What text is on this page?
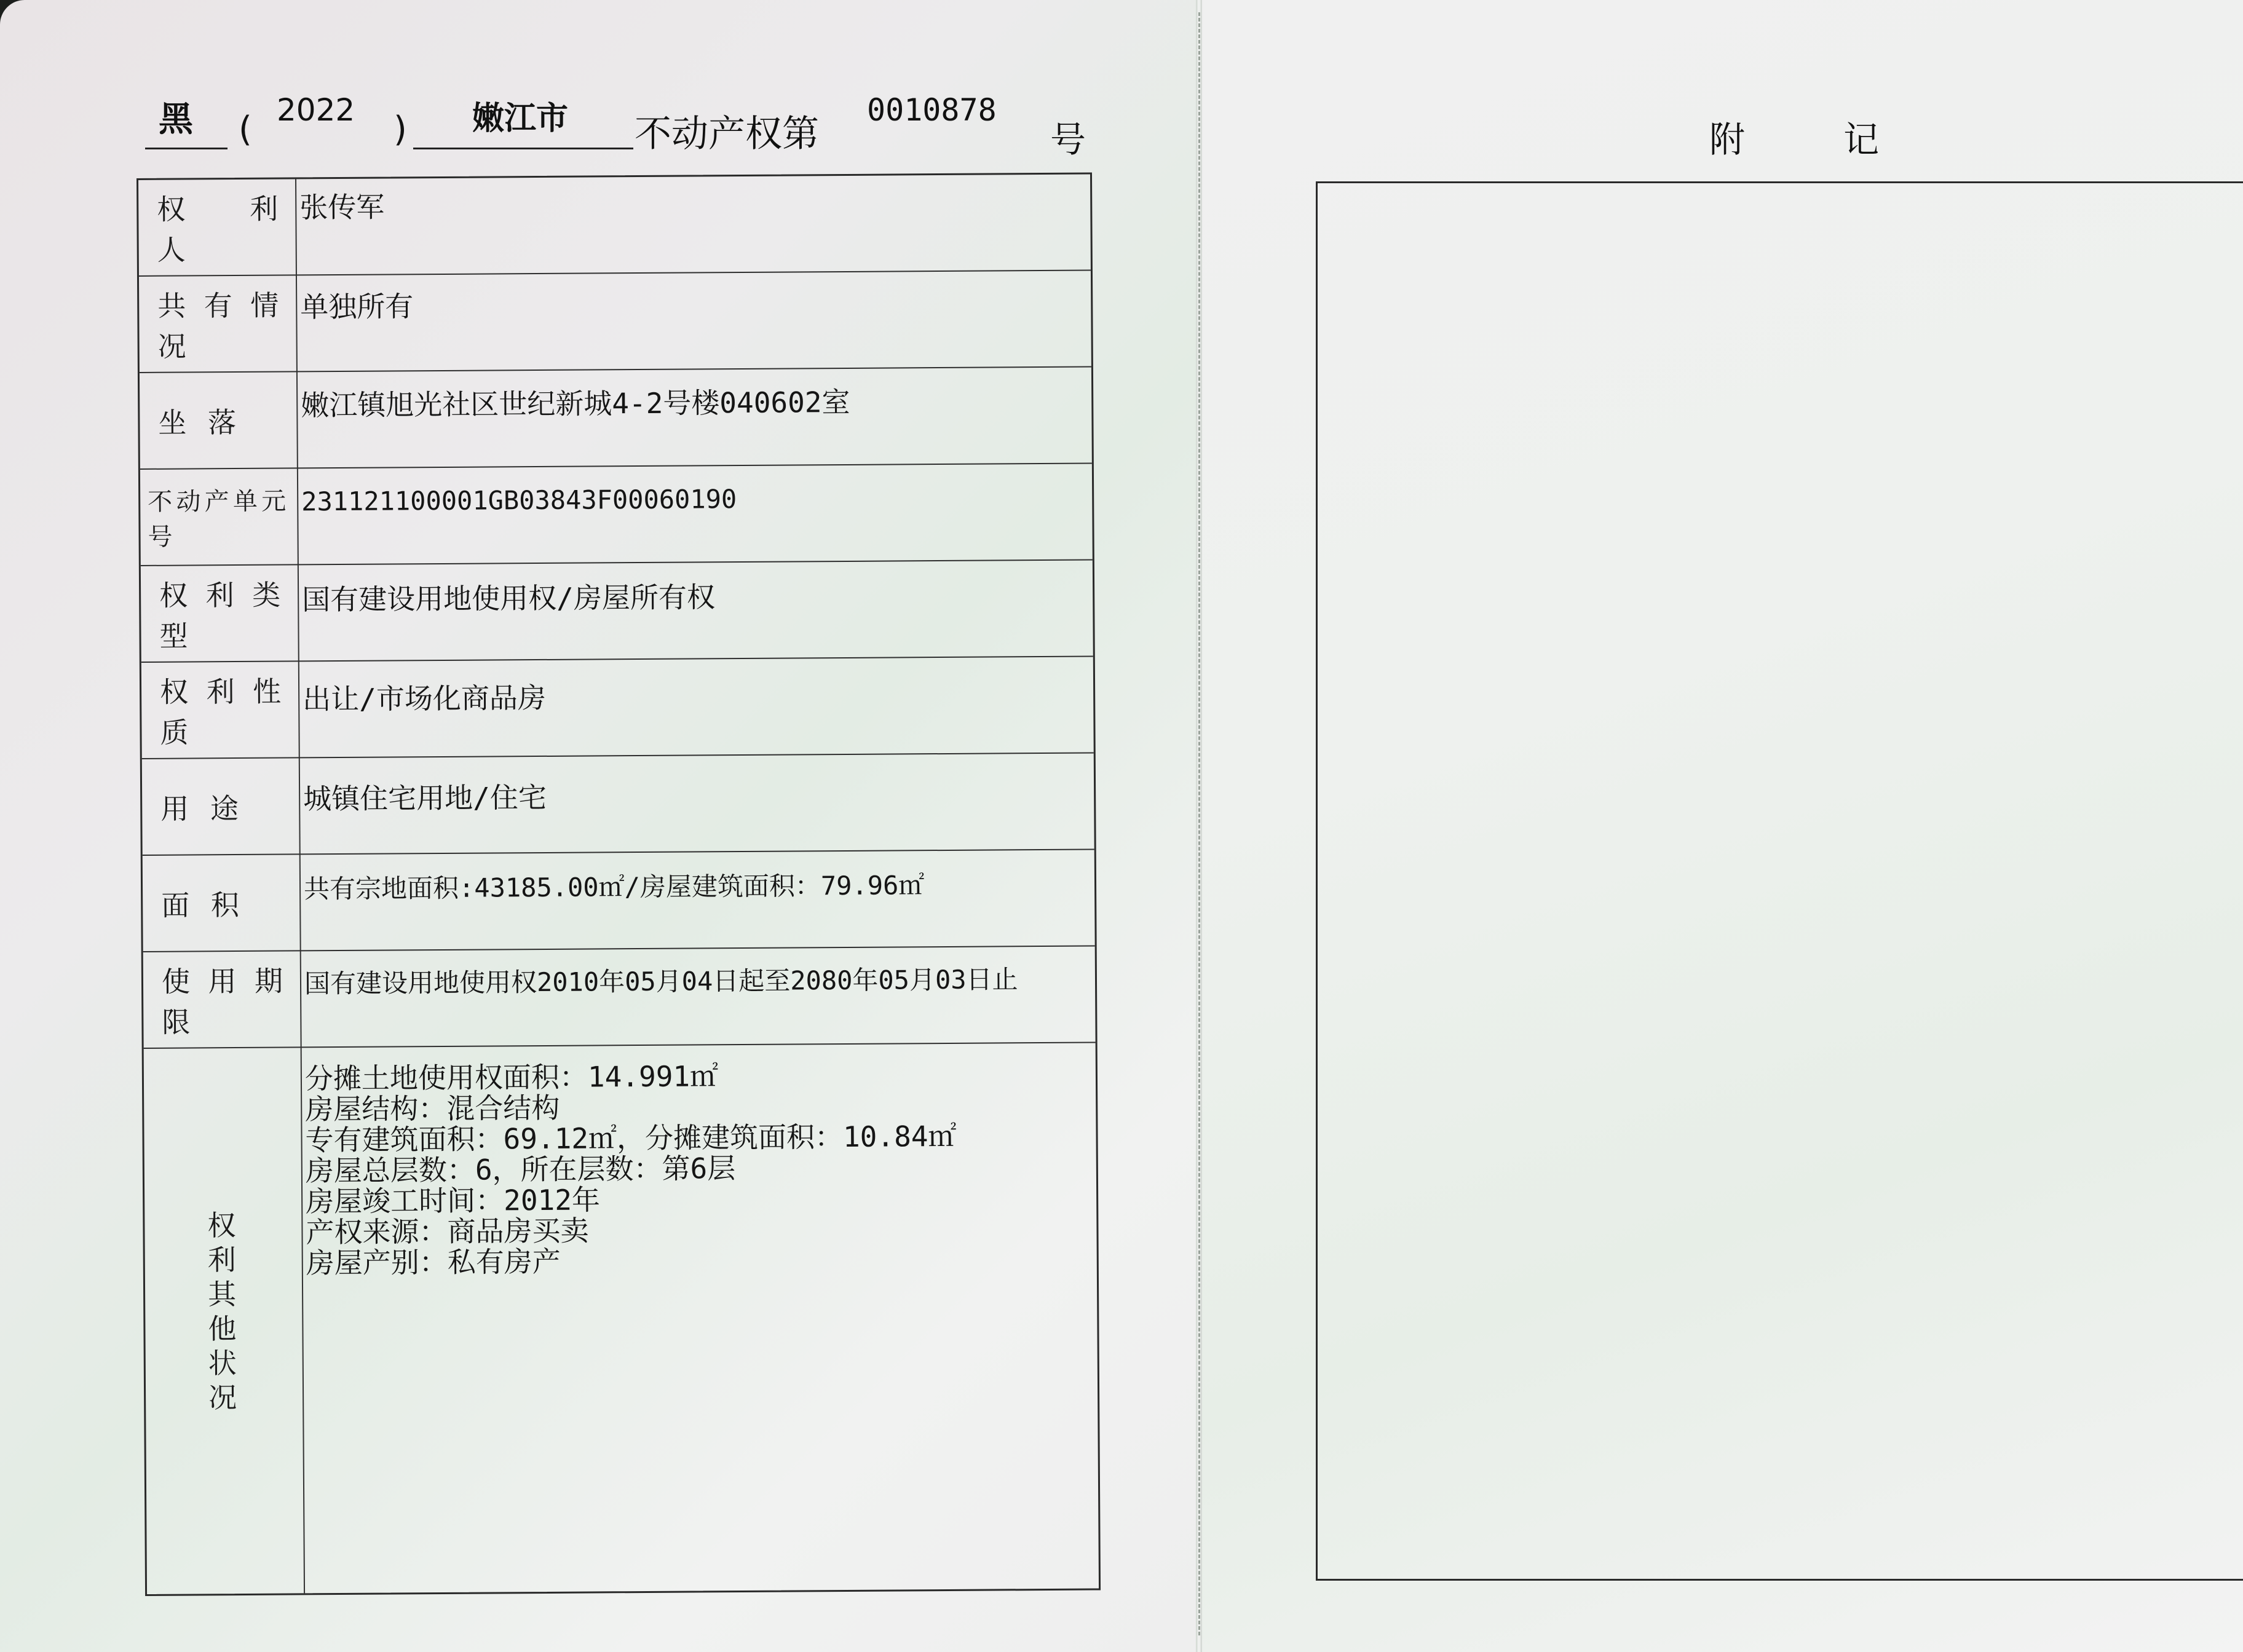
黑 ( 2022 ) 嫩江市 不动产权第
0010878
号
权 利 人
张传军
共有情况
单独所有
坐 落
嫩江镇旭光社区世纪新城4-2号楼040602室
不动产单元号
231121100001GB03843F00060190
权利类型
国有建设用地使用权/房屋所有权
权利性质
出让/市场化商品房
用 途	城镇住宅用地/住宅
面 积
共有宗地面积:43185.00㎡/房屋建筑面积：79.96㎡
使用期限
国有建设用地使用权2010年05月04日起至2080年05月03日止
权
利
其
他
状
况
分摊土地使用权面积：14.991㎡
房屋结构：混合结构
专有建筑面积：69.12㎡，分摊建筑面积：10.84㎡
房屋总层数：6，所在层数：第6层
房屋竣工时间：2012年
产权来源：商品房买卖
房屋产别：私有房产
附记
